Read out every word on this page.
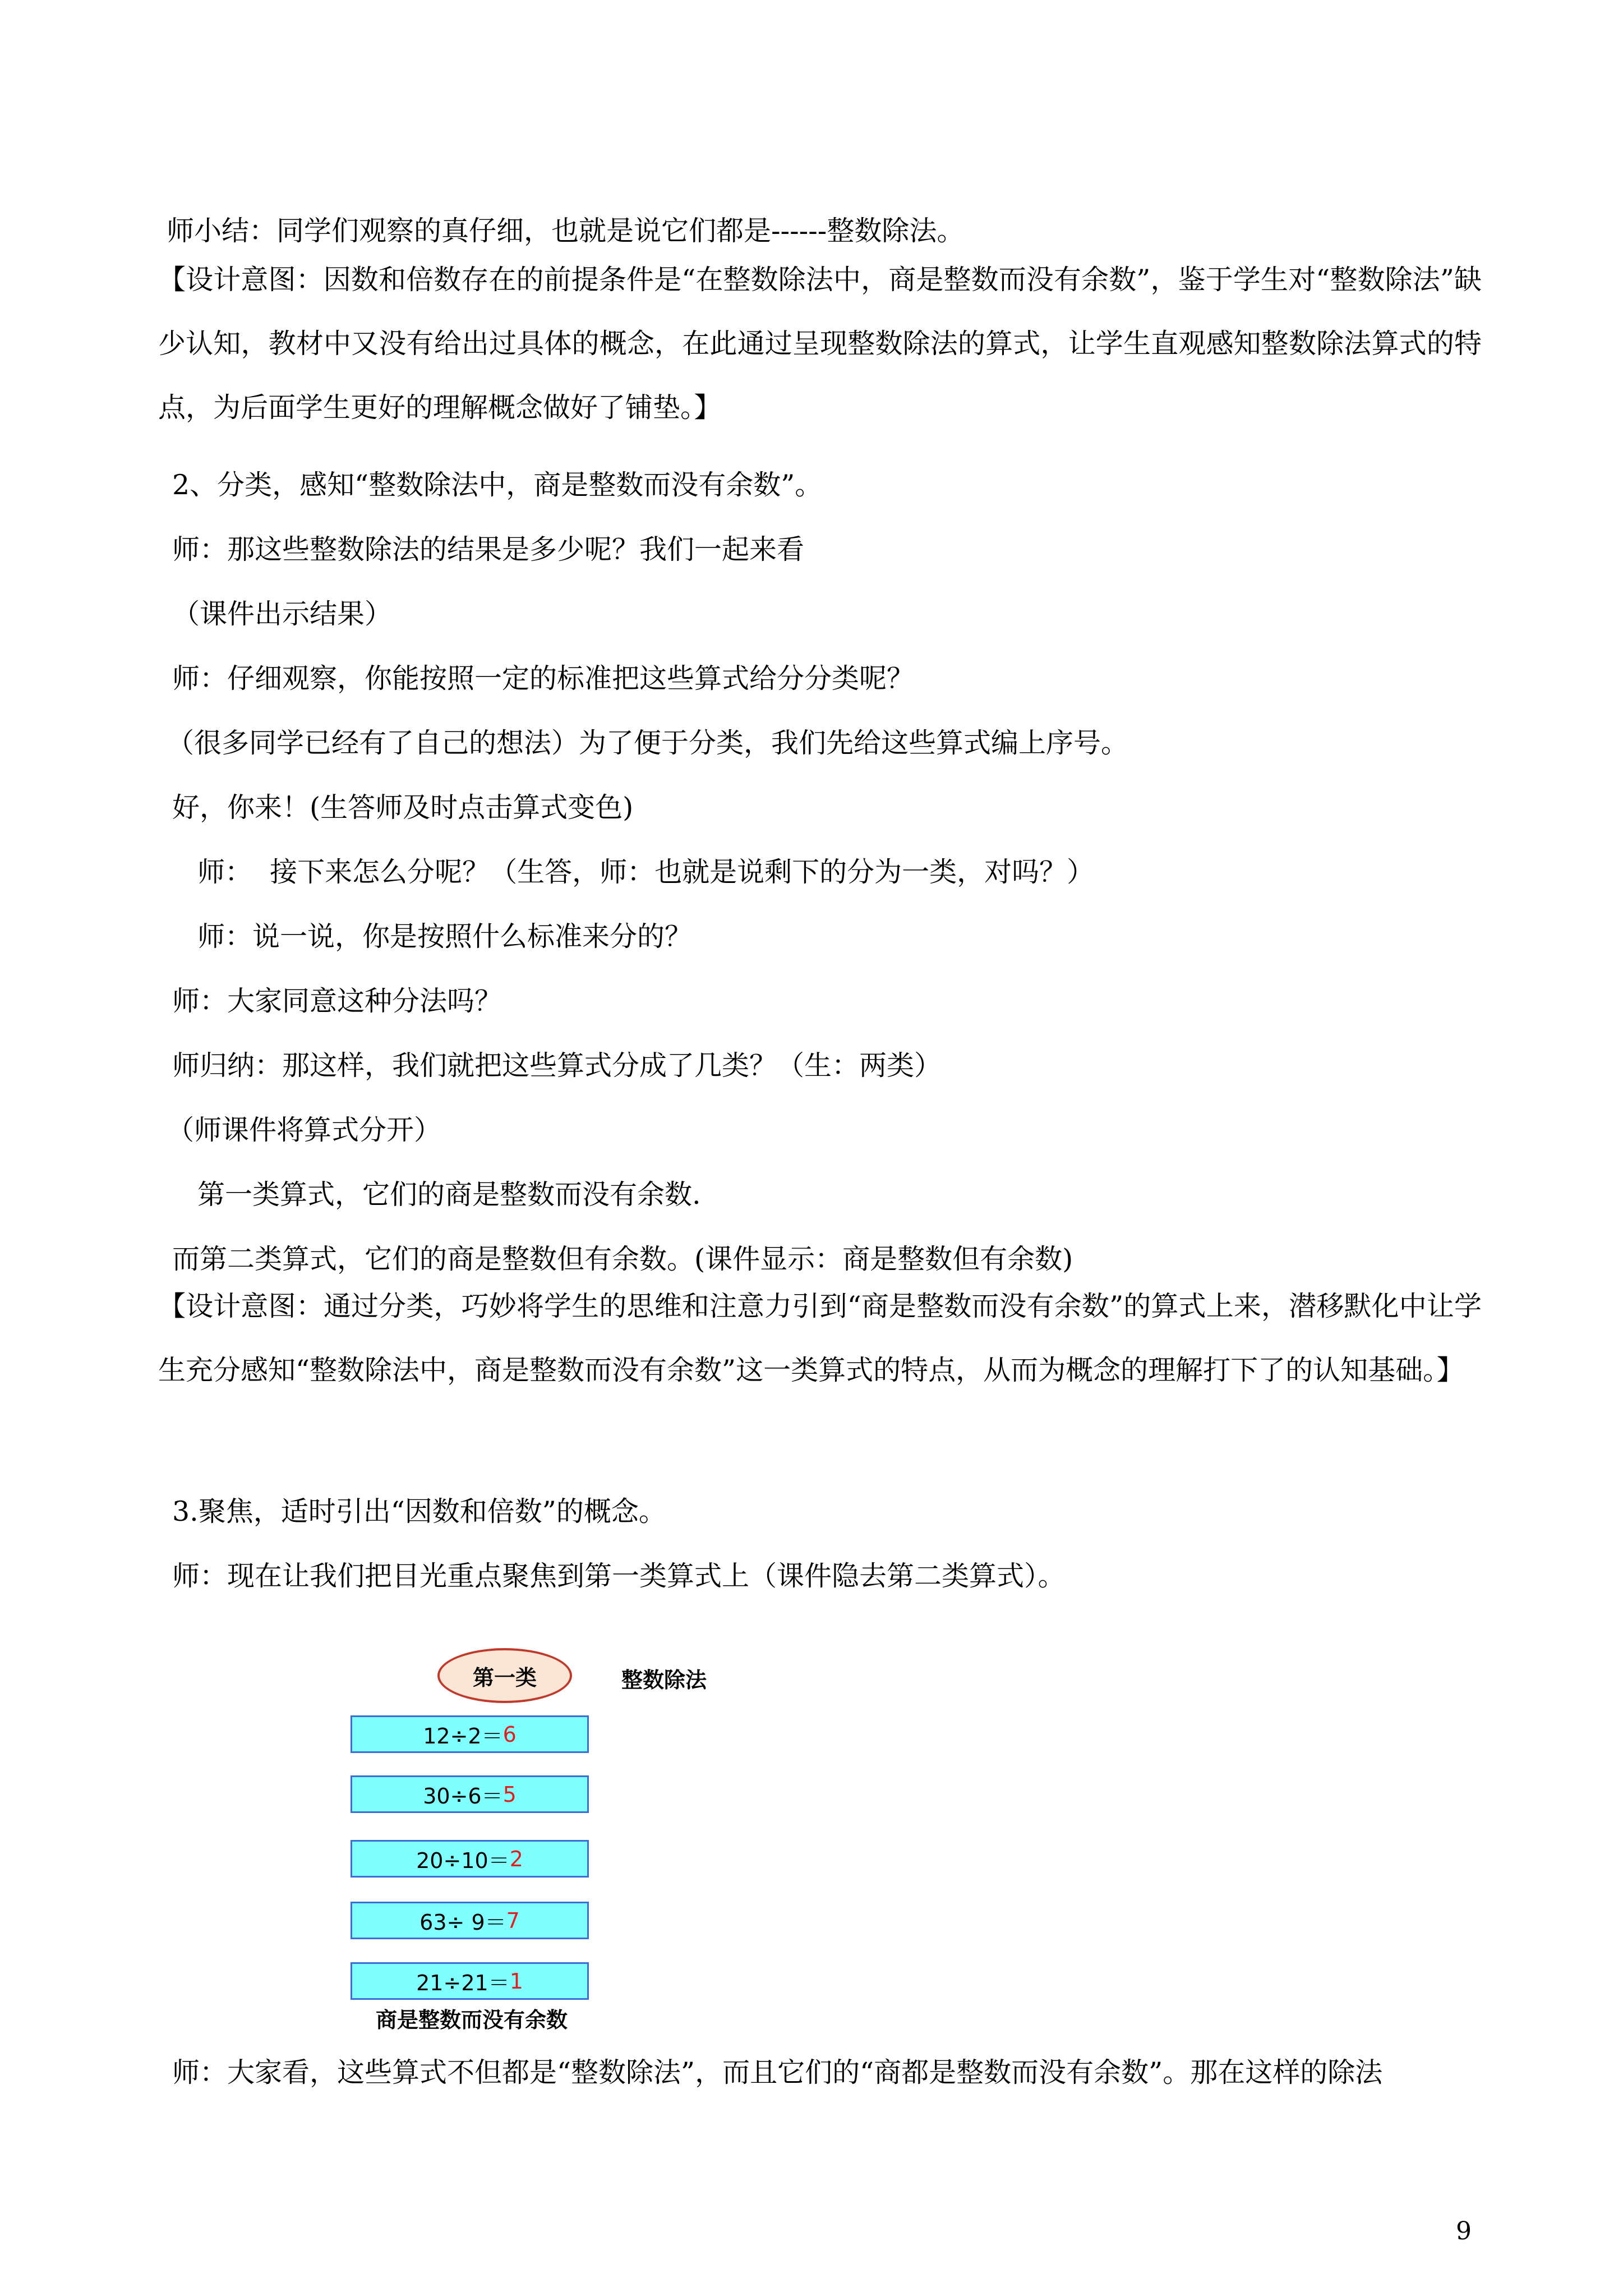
师小结：同学们观察的真仔细，也就是说它们都是------整数除法。
【设计意图：因数和倍数存在的前提条件是“在整数除法中，商是整数而没有余数”，鉴于学生对“整数除法”缺少认知，教材中又没有给出过具体的概念，在此通过呈现整数除法的算式，让学生直观感知整数除法算式的特点，为后面学生更好的理解概念做好了铺垫。】
2、分类，感知“整数除法中，商是整数而没有余数”。
师：那这些整数除法的结果是多少呢？我们一起来看
（课件出示结果）
师：仔细观察，你能按照一定的标准把这些算式给分分类呢？
（很多同学已经有了自己的想法）为了便于分类，我们先给这些算式编上序号。
好，你来！(生答师及时点击算式变色)
师：  接下来怎么分呢？（生答，师：也就是说剩下的分为一类，对吗？）
师：说一说，你是按照什么标准来分的？
师：大家同意这种分法吗？
师归纳：那这样，我们就把这些算式分成了几类？（生：两类）
（师课件将算式分开）
第一类算式，它们的商是整数而没有余数.
而第二类算式，它们的商是整数但有余数。(课件显示：商是整数但有余数)
【设计意图：通过分类，巧妙将学生的思维和注意力引到“商是整数而没有余数”的算式上来，潜移默化中让学生充分感知“整数除法中，商是整数而没有余数”这一类算式的特点，从而为概念的理解打下了的认知基础。】
3.聚焦，适时引出“因数和倍数”的概念。
师：现在让我们把目光重点聚焦到第一类算式上（课件隐去第二类算式）。
第一类	整数除法
12÷2＝ 6
30÷6＝ 5
20÷10＝ 2
63÷ 9＝ 7
21÷21＝ 1
商是整数而没有余数
师：大家看，这些算式不但都是“整数除法”，而且它们的“商都是整数而没有余数”。那在这样的除法
9
